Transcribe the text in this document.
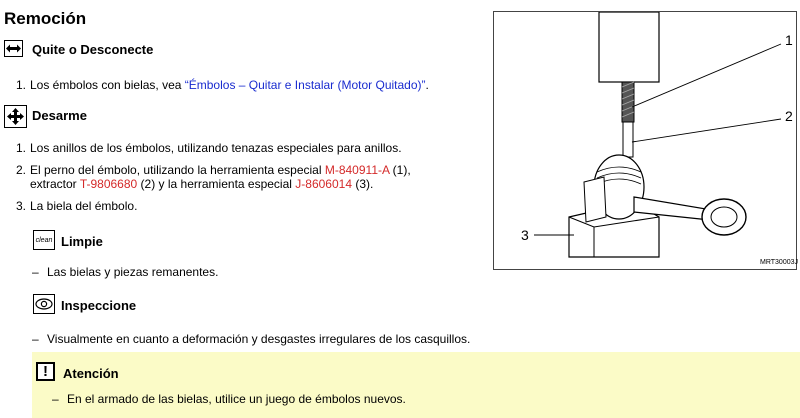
Remoción
Quite o Desconecte
1. Los émbolos con bielas, vea “Émbolos – Quitar e Instalar (Motor Quitado)”.
Desarme
1. Los anillos de los émbolos, utilizando tenazas especiales para anillos.
2. El perno del émbolo, utilizando la herramienta especial M-840911-A (1),
extractor T-9806680 (2) y la herramienta especial J-8606014 (3).
3. La biela del émbolo.
clean Limpie
– Las bielas y piezas remanentes.
Inspeccione
– Visualmente en cuanto a deformación y desgastes irregulares de los casquillos.
! Atención
– En el armado de las bielas, utilice un juego de émbolos nuevos.
1
2
3
MRT30003J
